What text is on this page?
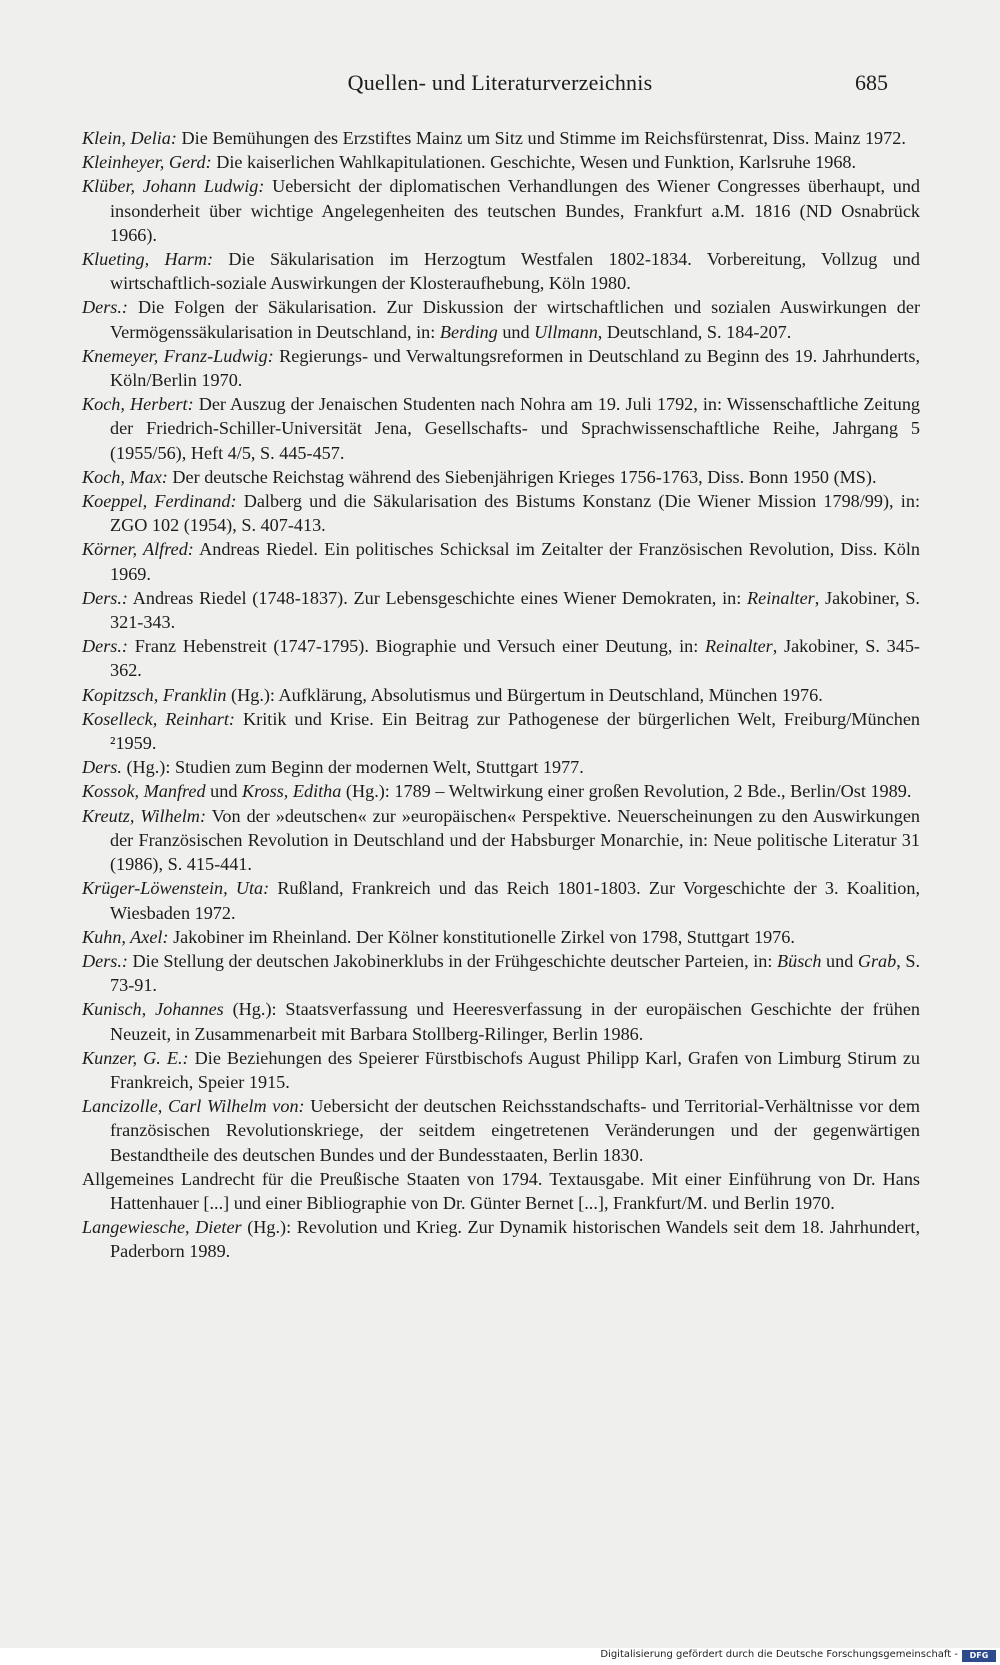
Quellen- und Literaturverzeichnis	685

Klein, Delia: Die Bemühungen des Erzstiftes Mainz um Sitz und Stimme im Reichsfürstenrat, Diss. Mainz 1972.

Kleinheyer, Gerd: Die kaiserlichen Wahlkapitulationen. Geschichte, Wesen und Funktion, Karlsruhe 1968.

Klüber, Johann Ludwig: Uebersicht der diplomatischen Verhandlungen des Wiener Congresses überhaupt, und insonderheit über wichtige Angelegenheiten des teutschen Bundes, Frankfurt a.M. 1816 (ND Osnabrück 1966).

Klueting, Harm: Die Säkularisation im Herzogtum Westfalen 1802-1834. Vorbereitung, Vollzug und wirtschaftlich-soziale Auswirkungen der Klosteraufhebung, Köln 1980.

Ders.: Die Folgen der Säkularisation. Zur Diskussion der wirtschaftlichen und sozialen Auswirkungen der Vermögenssäkularisation in Deutschland, in: Berding und Ullmann, Deutschland, S. 184-207.

Knemeyer, Franz-Ludwig: Regierungs- und Verwaltungsreformen in Deutschland zu Beginn des 19. Jahrhunderts, Köln/Berlin 1970.

Koch, Herbert: Der Auszug der Jenaischen Studenten nach Nohra am 19. Juli 1792, in: Wissenschaftliche Zeitung der Friedrich-Schiller-Universität Jena, Gesellschafts- und Sprachwissenschaftliche Reihe, Jahrgang 5 (1955/56), Heft 4/5, S. 445-457.

Koch, Max: Der deutsche Reichstag während des Siebenjährigen Krieges 1756-1763, Diss. Bonn 1950 (MS).

Koeppel, Ferdinand: Dalberg und die Säkularisation des Bistums Konstanz (Die Wiener Mission 1798/99), in: ZGO 102 (1954), S. 407-413.

Körner, Alfred: Andreas Riedel. Ein politisches Schicksal im Zeitalter der Französischen Revolution, Diss. Köln 1969.

Ders.: Andreas Riedel (1748-1837). Zur Lebensgeschichte eines Wiener Demokraten, in: Reinalter, Jakobiner, S. 321-343.

Ders.: Franz Hebenstreit (1747-1795). Biographie und Versuch einer Deutung, in: Reinalter, Jakobiner, S. 345-362.

Kopitzsch, Franklin (Hg.): Aufklärung, Absolutismus und Bürgertum in Deutschland, München 1976.

Koselleck, Reinhart: Kritik und Krise. Ein Beitrag zur Pathogenese der bürgerlichen Welt, Freiburg/München ²1959.

Ders. (Hg.): Studien zum Beginn der modernen Welt, Stuttgart 1977.

Kossok, Manfred und Kross, Editha (Hg.): 1789 – Weltwirkung einer großen Revolution, 2 Bde., Berlin/Ost 1989.

Kreutz, Wilhelm: Von der »deutschen« zur »europäischen« Perspektive. Neuerscheinungen zu den Auswirkungen der Französischen Revolution in Deutschland und der Habsburger Monarchie, in: Neue politische Literatur 31 (1986), S. 415-441.

Krüger-Löwenstein, Uta: Rußland, Frankreich und das Reich 1801-1803. Zur Vorgeschichte der 3. Koalition, Wiesbaden 1972.

Kuhn, Axel: Jakobiner im Rheinland. Der Kölner konstitutionelle Zirkel von 1798, Stuttgart 1976.

Ders.: Die Stellung der deutschen Jakobinerklubs in der Frühgeschichte deutscher Parteien, in: Büsch und Grab, S. 73-91.

Kunisch, Johannes (Hg.): Staatsverfassung und Heeresverfassung in der europäischen Geschichte der frühen Neuzeit, in Zusammenarbeit mit Barbara Stollberg-Rilinger, Berlin 1986.

Kunzer, G. E.: Die Beziehungen des Speierer Fürstbischofs August Philipp Karl, Grafen von Limburg Stirum zu Frankreich, Speier 1915.

Lancizolle, Carl Wilhelm von: Uebersicht der deutschen Reichsstandschafts- und Territorial-Verhältnisse vor dem französischen Revolutionskriege, der seitdem eingetretenen Veränderungen und der gegenwärtigen Bestandtheile des deutschen Bundes und der Bundesstaaten, Berlin 1830.

Allgemeines Landrecht für die Preußische Staaten von 1794. Textausgabe. Mit einer Einführung von Dr. Hans Hattenhauer [...] und einer Bibliographie von Dr. Günter Bernet [...], Frankfurt/M. und Berlin 1970.

Langewiesche, Dieter (Hg.): Revolution und Krieg. Zur Dynamik historischen Wandels seit dem 18. Jahrhundert, Paderborn 1989.

Digitalisierung gefördert durch die Deutsche Forschungsgemeinschaft -	DFG
